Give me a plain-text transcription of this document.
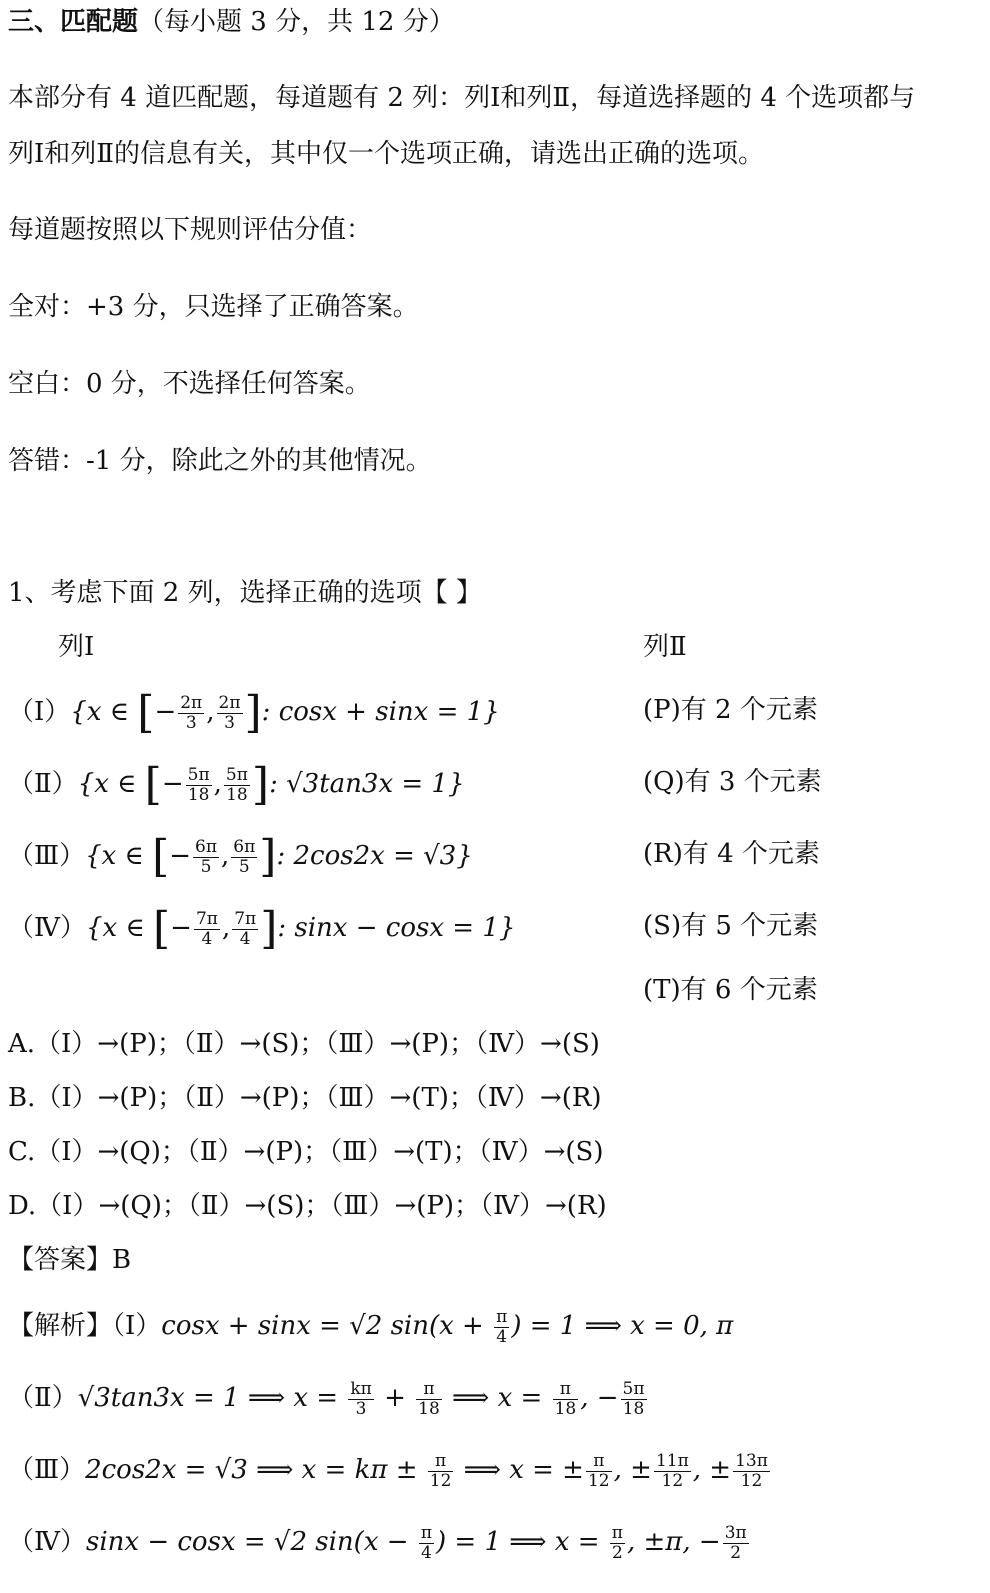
三、匹配题（每小题 3 分，共 12 分）
本部分有 4 道匹配题，每道题有 2 列：列Ⅰ和列Ⅱ，每道选择题的 4 个选项都与
列Ⅰ和列Ⅱ的信息有关，其中仅一个选项正确，请选出正确的选项。
每道题按照以下规则评估分值：
全对：+3 分，只选择了正确答案。
空白：0 分，不选择任何答案。
答错：-1 分，除此之外的其他情况。
1、考虑下面 2 列，选择正确的选项【 】
列Ⅰ	列Ⅱ
（Ⅰ）{x ∈ [− $\frac{2\pi}{3}$ , $\frac{2\pi}{3}$ ]: cosx + sinx = 1}
（Ⅱ）{x ∈ [− $\frac{5\pi}{18}$ , $\frac{5\pi}{18}$ ]: √3tan3x = 1}
（Ⅲ）{x ∈ [− $\frac{6\pi}{5}$ , $\frac{6\pi}{5}$ ]: 2cos2x = √3}
（Ⅳ）{x ∈ [− $\frac{7\pi}{4}$ , $\frac{7\pi}{4}$ ]: sinx − cosx = 1}
(P)有 2 个元素
(Q)有 3 个元素
(R)有 4 个元素
(S)有 5 个元素
(T)有 6 个元素
A.（Ⅰ）→(P)；（Ⅱ）→(S)；（Ⅲ）→(P)；（Ⅳ）→(S)
B.（Ⅰ）→(P)；（Ⅱ）→(P)；（Ⅲ）→(T)；（Ⅳ）→(R)
C.（Ⅰ）→(Q)；（Ⅱ）→(P)；（Ⅲ）→(T)；（Ⅳ）→(S)
D.（Ⅰ）→(Q)；（Ⅱ）→(S)；（Ⅲ）→(P)；（Ⅳ）→(R)
【答案】B
【解析】（Ⅰ）cosx + sinx = √2 $\sin(x + \frac{\pi}{4}$ ) = 1 ⟹ x = 0, π
（Ⅱ）√3tan3x = 1 ⟹ $x = \frac{k\pi}{3} + \frac{\pi}{18}$ ⟹ $x = \frac{\pi}{18}$ , − $\frac{5\pi}{18}$
（Ⅲ）2cos2x = √3 ⟹ $x = k\pi \pm \frac{\pi}{12}$ ⟹ x = ± $\frac{\pi}{12}$ , ± $\frac{11\pi}{12}$ , ± $\frac{13\pi}{12}$
（Ⅳ）sinx − cosx = √2 $\sin(x - \frac{\pi}{4}$ ) = 1 ⟹ $x = \frac{\pi}{2}$ , ±π, − $\frac{3\pi}{2}$
